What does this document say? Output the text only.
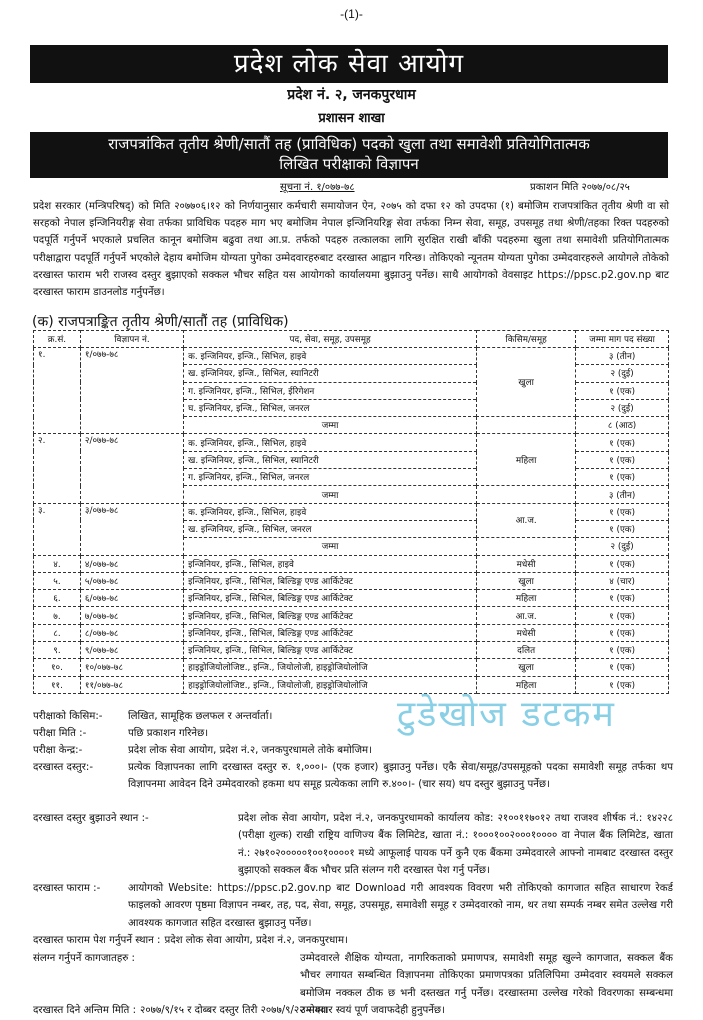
-(1)-
प्रदेश लोक सेवा आयोग
प्रदेश नं. २, जनकपुरधाम
प्रशासन शाखा
राजपत्रांकित तृतीय श्रेणी/सातौं तह (प्राविधिक) पदको खुला तथा समावेशी प्रतियोगितात्मक
लिखित परीक्षाको विज्ञापन
सूचना नं. १/०७७-७८	प्रकाशन मिति २०७७/०८/२५
प्रदेश सरकार (मन्त्रिपरिषद्) को मिति २०७७०६।१२ को निर्णयानुसार कर्मचारी समायोजन ऐन, २०७५ को दफा १२ को उपदफा (१) बमोजिम राजपत्रांकित तृतीय श्रेणी वा सो सरहको नेपाल इन्जिनियरीङ्ग सेवा तर्फका प्राविधिक पदहरु माग भए बमोजिम नेपाल इन्जिनियरिङ्ग सेवा तर्फका निम्न सेवा, समूह, उपसमूह तथा श्रेणी/तहका रिक्त पदहरुको पदपूर्ति गर्नुपर्ने भएकाले प्रचलित कानून बमोजिम बढुवा तथा आ.प्र. तर्फको पदहरु तत्कालका लागि सुरक्षित राखी बाँकी पदहरुमा खुला तथा समावेशी प्रतियोगितात्मक परीक्षाद्वारा पदपूर्ति गर्नुपर्ने भएकोले देहाय बमोजिम योग्यता पुगेका उम्मेदवारहरुबाट दरखास्त आह्वान गरिन्छ। तोकिएको न्यूनतम योग्यता पुगेका उम्मेदवारहरुले आयोगले तोकेको दरखास्त फाराम भरी राजस्व दस्तुर बुझाएको सक्कल भौचर सहित यस आयोगको कार्यालयमा बुझाउनु पर्नेछ। साथै आयोगको वेवसाइट https://ppsc.p2.gov.np बाट दरखास्त फाराम डाउनलोड गर्नुपर्नेछ।
(क) राजपत्राङ्कित तृतीय श्रेणी/सातौं तह (प्राविधिक)
क्र.सं.	विज्ञापन नं.	पद, सेवा, समूह, उपसमूह	किसिम/समूह	जम्मा माग पद संख्या
१.	१/०७७-७८	क. इन्जिनियर, इन्जि., सिभिल, हाइवे	खुला	३ (तीन)
		ख. इन्जिनियर, इन्जि., सिभिल, स्यानिटरी		२ (दुई)
		ग. इन्जिनियर, इन्जि., सिभिल, ईरिगेशन		१ (एक)
		घ. इन्जिनियर, इन्जि., सिभिल, जनरल		२ (दुई)
		जम्मा		८ (आठ)
२.	२/०७७-७८	क. इन्जिनियर, इन्जि., सिभिल, हाइवे	महिला	१ (एक)
		ख. इन्जिनियर, इन्जि., सिभिल, स्यानिटरी		१ (एक)
		ग. इन्जिनियर, इन्जि., सिभिल, जनरल		१ (एक)
		जम्मा		३ (तीन)
३.	३/०७७-७८	क. इन्जिनियर, इन्जि., सिभिल, हाइवे	आ.ज.	१ (एक)
		ख. इन्जिनियर, इन्जि., सिभिल, जनरल		१ (एक)
		जम्मा		२ (दुई)
४.	४/०७७-७८	इन्जिनियर, इन्जि., सिभिल, हाइवे	मधेसी	१ (एक)
५.	५/०७७-७८	इन्जिनियर, इन्जि., सिभिल, बिल्डिङ्ग एण्ड आर्किटेक्ट	खुला	४ (चार)
६.	६/०७७-७८	इन्जिनियर, इन्जि., सिभिल, बिल्डिङ्ग एण्ड आर्किटेक्ट	महिला	१ (एक)
७.	७/०७७-७८	इन्जिनियर, इन्जि., सिभिल, बिल्डिङ्ग एण्ड आर्किटेक्ट	आ.ज.	१ (एक)
८.	८/०७७-७८	इन्जिनियर, इन्जि., सिभिल, बिल्डिङ्ग एण्ड आर्किटेक्ट	मधेसी	१ (एक)
९.	९/०७७-७८	इन्जिनियर, इन्जि., सिभिल, बिल्डिङ्ग एण्ड आर्किटेक्ट	दलित	१ (एक)
१०.	१०/०७७-७८	हाइड्रोजियोलोजिष्ट., इन्जि., जियोलोजी, हाइड्रोजियोलोजि	खुला	१ (एक)
११.	११/०७७-७८	हाइड्रोजियोलोजिष्ट., इन्जि., जियोलोजी, हाइड्रोजियोलोजि	महिला	१ (एक)
टुडेखोज डटकम
परीक्षाको किसिम:-	लिखित, सामूहिक छलफल र अन्तर्वार्ता।
परीक्षा मिति :-	पछि प्रकाशन गरिनेछ।
परीक्षा केन्द्र:-	प्रदेश लोक सेवा आयोग, प्रदेश नं.२, जनकपुरधामले तोके बमोजिम।
दरखास्त दस्तुर:-	प्रत्येक विज्ञापनका लागि दरखास्त दस्तुर रु. १,०००।- (एक हजार) बुझाउनु पर्नेछ। एकै सेवा/समूह/उपसमूहको पदका समावेशी समूह तर्फका थप विज्ञापनमा आवेदन दिने उम्मेदवारको हकमा थप समूह प्रत्येकका लागि रु.४००।- (चार सय) थप दस्तुर बुझाउनु पर्नेछ।
दरखास्त दस्तुर बुझाउने स्थान :-	प्रदेश लोक सेवा आयोग, प्रदेश नं.२, जनकपुरधामको कार्यालय कोड: २१००११७०१२ तथा राजश्व शीर्षक नं.: १४२२८ (परीक्षा शुल्क) राखी राष्ट्रिय वाणिज्य बैंक लिमिटेड, खाता नं.: १०००१००२०००१०००० वा नेपाल बैंक लिमिटेड, खाता नं.: २७१०२०००००१००१००००१ मध्ये आफूलाई पायक पर्ने कुनै एक बैंकमा उम्मेदवारले आफ्नो नामबाट दरखास्त दस्तुर बुझाएको सक्कल बैंक भौचर प्रति संलग्न गरी दरखास्त पेश गर्नु पर्नेछ।
दरखास्त फाराम :-	आयोगको Website: https://ppsc.p2.gov.np बाट Download गरी आवश्यक विवरण भरी तोकिएको कागजात सहित साधारण रेकर्ड फाइलको आवरण पृष्ठमा विज्ञापन नम्बर, तह, पद, सेवा, समूह, उपसमूह, समावेशी समूह र उम्मेदवारको नाम, थर तथा सम्पर्क नम्बर समेत उल्लेख गरी आवश्यक कागजात सहित दरखास्त बुझाउनु पर्नेछ।
दरखास्त फाराम पेश गर्नुपर्ने स्थान : प्रदेश लोक सेवा आयोग, प्रदेश नं.२, जनकपुरधाम।
संलग्न गर्नुपर्ने कागजातहरु :	उम्मेदवारले शैक्षिक योग्यता, नागरिकताको प्रमाणपत्र, समावेशी समूह खुल्ने कागजात, सक्कल बैंक भौचर लगायत सम्बन्धित विज्ञापनमा तोकिएका प्रमाणपत्रका प्रतिलिपिमा उम्मेदवार स्वयमले सक्कल बमोजिम नक्कल ठीक छ भनी दस्तखत गर्नु पर्नेछ। दरखास्तमा उल्लेख गरेको विवरणका सम्बन्धमा उम्मेदवार स्वयं पूर्ण जवाफदेही हुनुपर्नेछ।
दरखास्त दिने अन्तिम मिति : २०७७/९/१५ र दोब्बर दस्तुर तिरी २०७७/९/२२ सम्म।
